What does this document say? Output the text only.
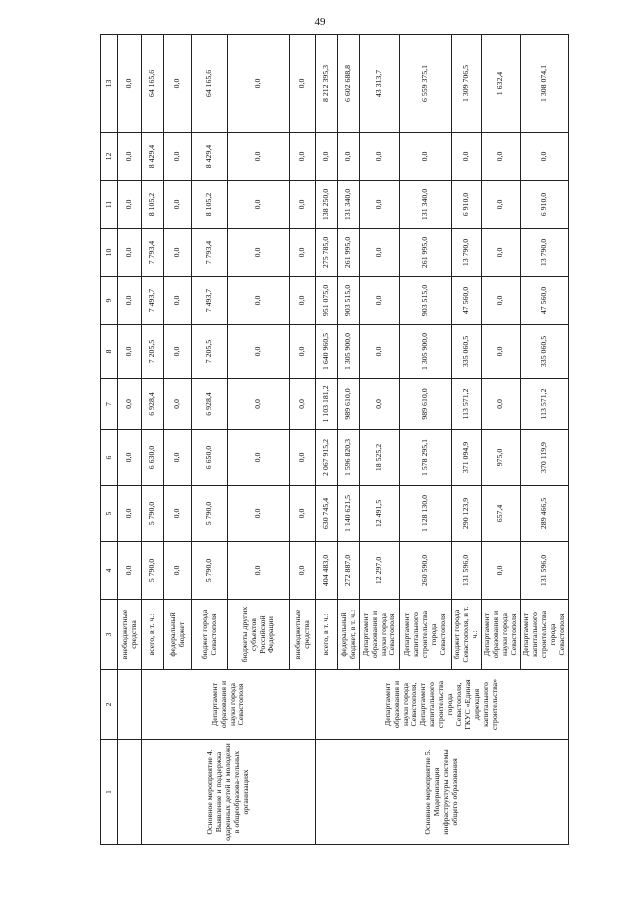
49
1	2	3	4	5	6	7	8	9	10	11	12	13
		внебюджетные средства	0,0	0,0	0,0	0,0	0,0	0,0	0,0	0,0	0,0	0,0
Основное мероприятие 4. Выявление и поддержка одаренных детей и молодежи в общеобразова-тельных организациях	Департамент образования и науки города Севастополя	всего, в т. ч.:	5 790,0	5 790,0	6 630,0	6 928,4	7 205,5	7 493,7	7 793,4	8 105,2	8 429,4	64 165,6
		федеральный бюджет	0,0	0,0	0,0	0,0	0,0	0,0	0,0	0,0	0,0	0,0
		бюджет города Севастополя	5 790,0	5 790,0	6 650,0	6 928,4	7 205,5	7 493,7	7 793,4	8 105,2	8 429,4	64 165,6
		бюджеты других субъектов Российской Федерации	0,0	0,0	0,0	0,0	0,0	0,0	0,0	0,0	0,0	0,0
		внебюджетные средства	0,0	0,0	0,0	0,0	0,0	0,0	0,0	0,0	0,0	0,0
Основное мероприятие 5. Модернизация инфраструктуры системы общего образования	Департамент образования и науки города Севастополя, Департамент капитального строительства города Севастополя, ГКУС «Единая дирекция капитального строительства»	всего, в т. ч.:	404 483,0	630 745,4	2 067 915,2	1 103 181,2	1 640 960,5	951 075,0	275 785,0	138 250,0	0,0	8 212 395,3
		федеральный бюджет, в т. ч.:	272 887,0	1 140 621,5	1 596 820,3	989 610,0	1 305 900,0	903 515,0	261 995,0	131 340,0	0,0	6 602 688,8
		Департамент образования и науки города Севастополя	12 297,0	12 491,5	18 525,2	0,0	0,0	0,0	0,0	0,0	0,0	43 313,7
		Департамент капитального строительства города Севастополя	260 590,0	1 128 130,0	1 578 295,1	989 610,0	1 305 900,0	903 515,0	261 995,0	131 340,0	0,0	6 559 375,1
		бюджет города Севастополя, в т. ч.:	131 596,0	290 123,9	371 094,9	113 571,2	335 060,5	47 560,0	13 790,0	6 910,0	0,0	1 309 706,5
		Департамент образования и науки города Севастополя	0,0	657,4	975,0	0,0	0,0	0,0	0,0	0,0	0,0	1 632,4
		Департамент капитального строительства города Севастополя	131 596,0	289 466,5	370 119,9	113 571,2	335 060,5	47 560,0	13 790,0	6 910,0	0,0	1 308 074,1
